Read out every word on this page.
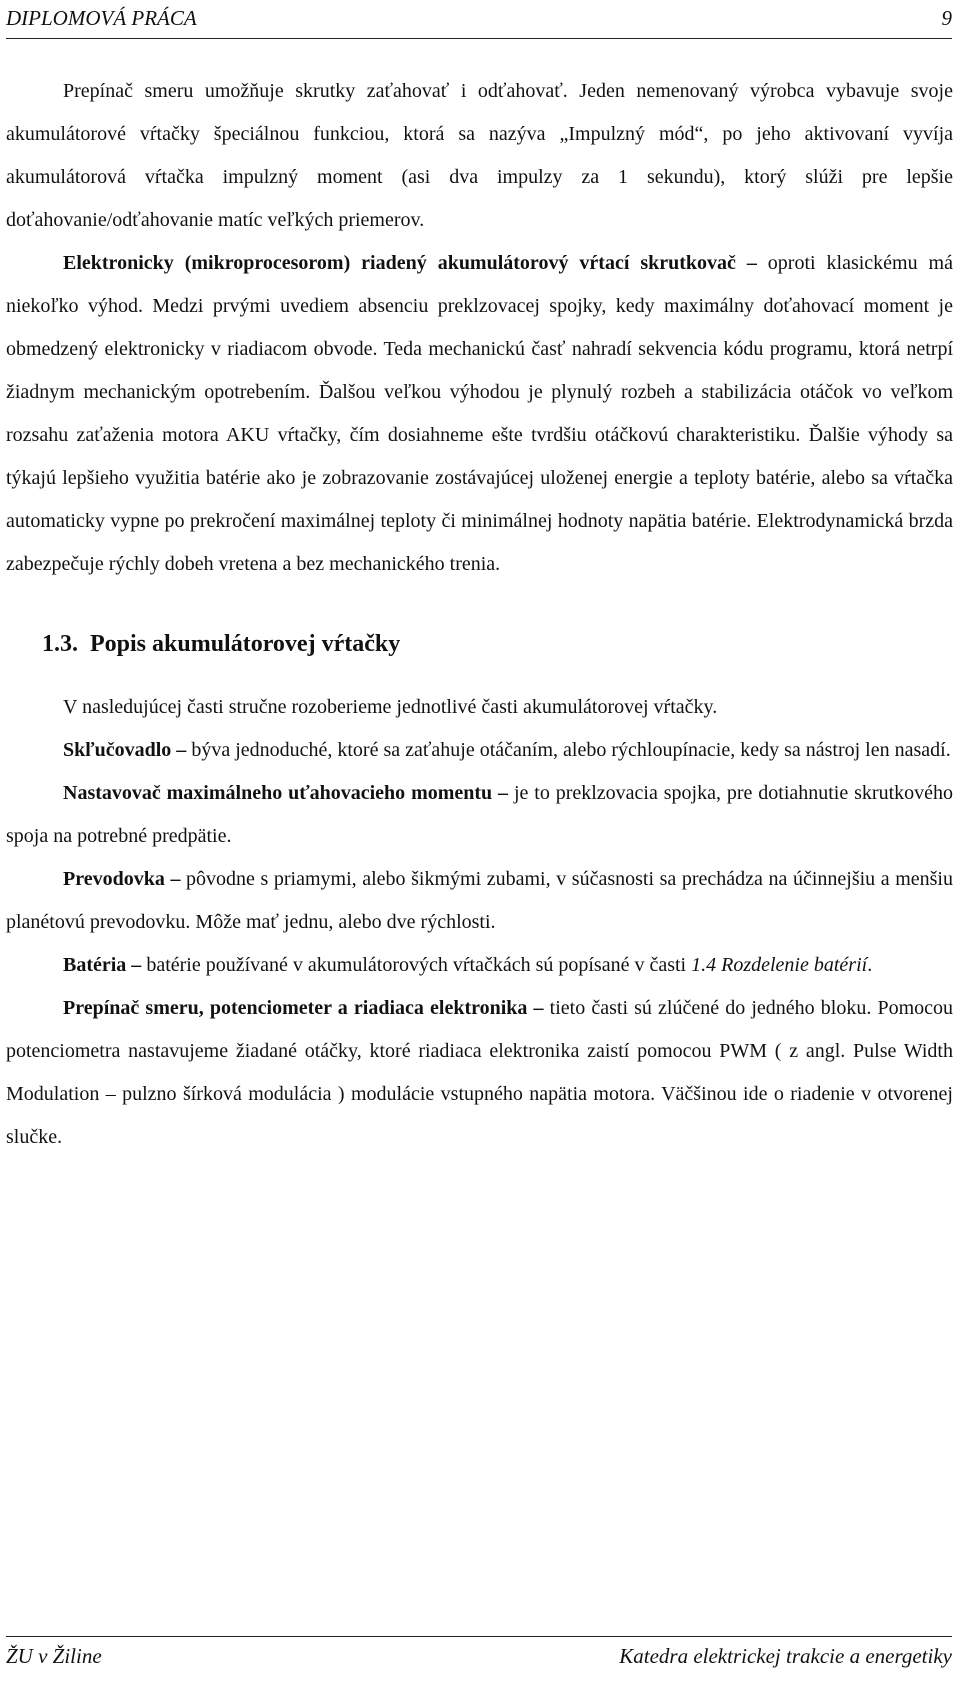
DIPLOMOVÁ PRÁCA	9

Prepínač smeru umožňuje skrutky zaťahovať i odťahovať. Jeden nemenovaný výrobca vybavuje svoje akumulátorové vŕtačky špeciálnou funkciou, ktorá sa nazýva „Impulzný mód“, po jeho aktivovaní vyvíja akumulátorová vŕtačka impulzný moment (asi dva impulzy za 1 sekundu), ktorý slúži pre lepšie doťahovanie/odťahovanie matíc veľkých priemerov.

Elektronicky (mikroprocesorom) riadený akumulátorový vŕtací skrutkovač – oproti klasickému má niekoľko výhod. Medzi prvými uvediem absenciu preklzovacej spojky, kedy maximálny doťahovací moment je obmedzený elektronicky v riadiacom obvode. Teda mechanickú časť nahradí sekvencia kódu programu, ktorá netrpí žiadnym mechanickým opotrebením. Ďalšou veľkou výhodou je plynulý rozbeh a stabilizácia otáčok vo veľkom rozsahu zaťaženia motora AKU vŕtačky, čím dosiahneme ešte tvrdšiu otáčkovú charakteristiku. Ďalšie výhody sa týkajú lepšieho využitia batérie ako je zobrazovanie zostávajúcej uloženej energie a teploty batérie, alebo sa vŕtačka automaticky vypne po prekročení maximálnej teploty či minimálnej hodnoty napätia batérie. Elektrodynamická brzda zabezpečuje rýchly dobeh vretena a bez mechanického trenia.

1.3. Popis akumulátorovej vŕtačky

V nasledujúcej časti stručne rozoberieme jednotlivé časti akumulátorovej vŕtačky.

Skľučovadlo – býva jednoduché, ktoré sa zaťahuje otáčaním, alebo rýchloupínacie, kedy sa nástroj len nasadí.

Nastavovač maximálneho uťahovacieho momentu – je to preklzovacia spojka, pre dotiahnutie skrutkového spoja na potrebné predpätie.

Prevodovka – pôvodne s priamymi, alebo šikmými zubami, v súčasnosti sa prechádza na účinnejšiu a menšiu planétovú prevodovku. Môže mať jednu, alebo dve rýchlosti.

Batéria – batérie používané v akumulátorových vŕtačkách sú popísané v časti 1.4 Rozdelenie batérií.

Prepínač smeru, potenciometer a riadiaca elektronika – tieto časti sú zlúčené do jedného bloku. Pomocou potenciometra nastavujeme žiadané otáčky, ktoré riadiaca elektronika zaistí pomocou PWM ( z angl. Pulse Width Modulation – pulzno šírková modulácia ) modulácie vstupného napätia motora. Väčšinou ide o riadenie v otvorenej slučke.

ŽU v Žiline	Katedra elektrickej trakcie a energetiky
